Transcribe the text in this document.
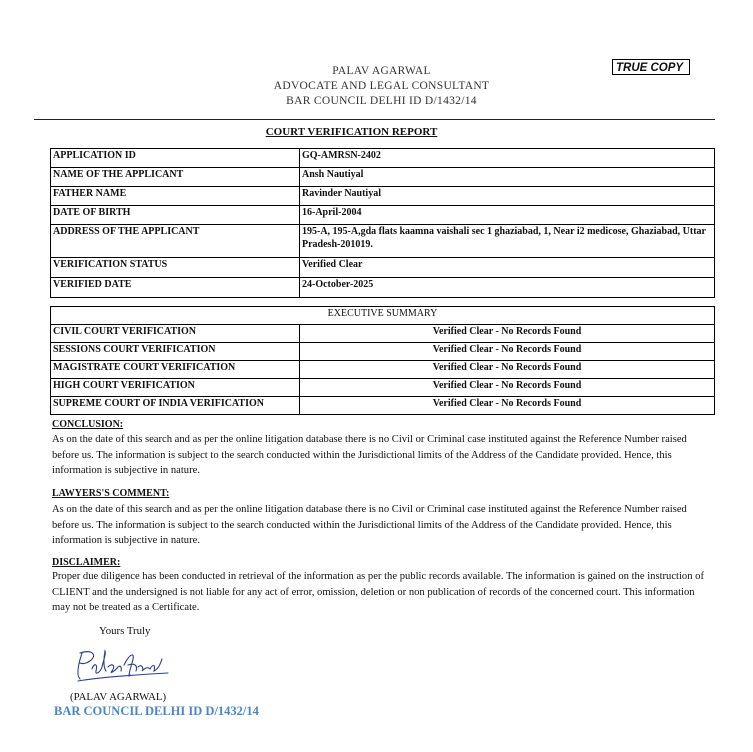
PALAV AGARWAL
ADVOCATE AND LEGAL CONSULTANT
BAR COUNCIL DELHI ID D/1432/14
TRUE COPY
COURT VERIFICATION REPORT
APPLICATION ID	GQ-AMRSN-2402
NAME OF THE APPLICANT	Ansh Nautiyal
FATHER NAME	Ravinder Nautiyal
DATE OF BIRTH	16-April-2004
ADDRESS OF THE APPLICANT	195-A, 195-A,gda flats kaamna vaishali sec 1 ghaziabad, 1, Near i2 medicose, Ghaziabad, Uttar Pradesh-201019.
VERIFICATION STATUS	Verified Clear
VERIFIED DATE	24-October-2025
EXECUTIVE SUMMARY	
CIVIL COURT VERIFICATION	Verified Clear - No Records Found
SESSIONS COURT VERIFICATION	Verified Clear - No Records Found
MAGISTRATE COURT VERIFICATION	Verified Clear - No Records Found
HIGH COURT VERIFICATION	Verified Clear - No Records Found
SUPREME COURT OF INDIA VERIFICATION	Verified Clear - No Records Found
CONCLUSION:
As on the date of this search and as per the online litigation database there is no Civil or Criminal case instituted against the Reference Number raised before us. The information is subject to the search conducted within the Jurisdictional limits of the Address of the Candidate provided. Hence, this information is subjective in nature.
LAWYERS'S COMMENT:
As on the date of this search and as per the online litigation database there is no Civil or Criminal case instituted against the Reference Number raised before us. The information is subject to the search conducted within the Jurisdictional limits of the Address of the Candidate provided. Hence, this information is subjective in nature.
DISCLAIMER:
Proper due diligence has been conducted in retrieval of the information as per the public records available. The information is gained on the instruction of CLIENT and the undersigned is not liable for any act of error, omission, deletion or non publication of records of the concerned court. This information may not be treated as a Certificate.
Yours Truly
(PALAV AGARWAL)
BAR COUNCIL DELHI ID D/1432/14
